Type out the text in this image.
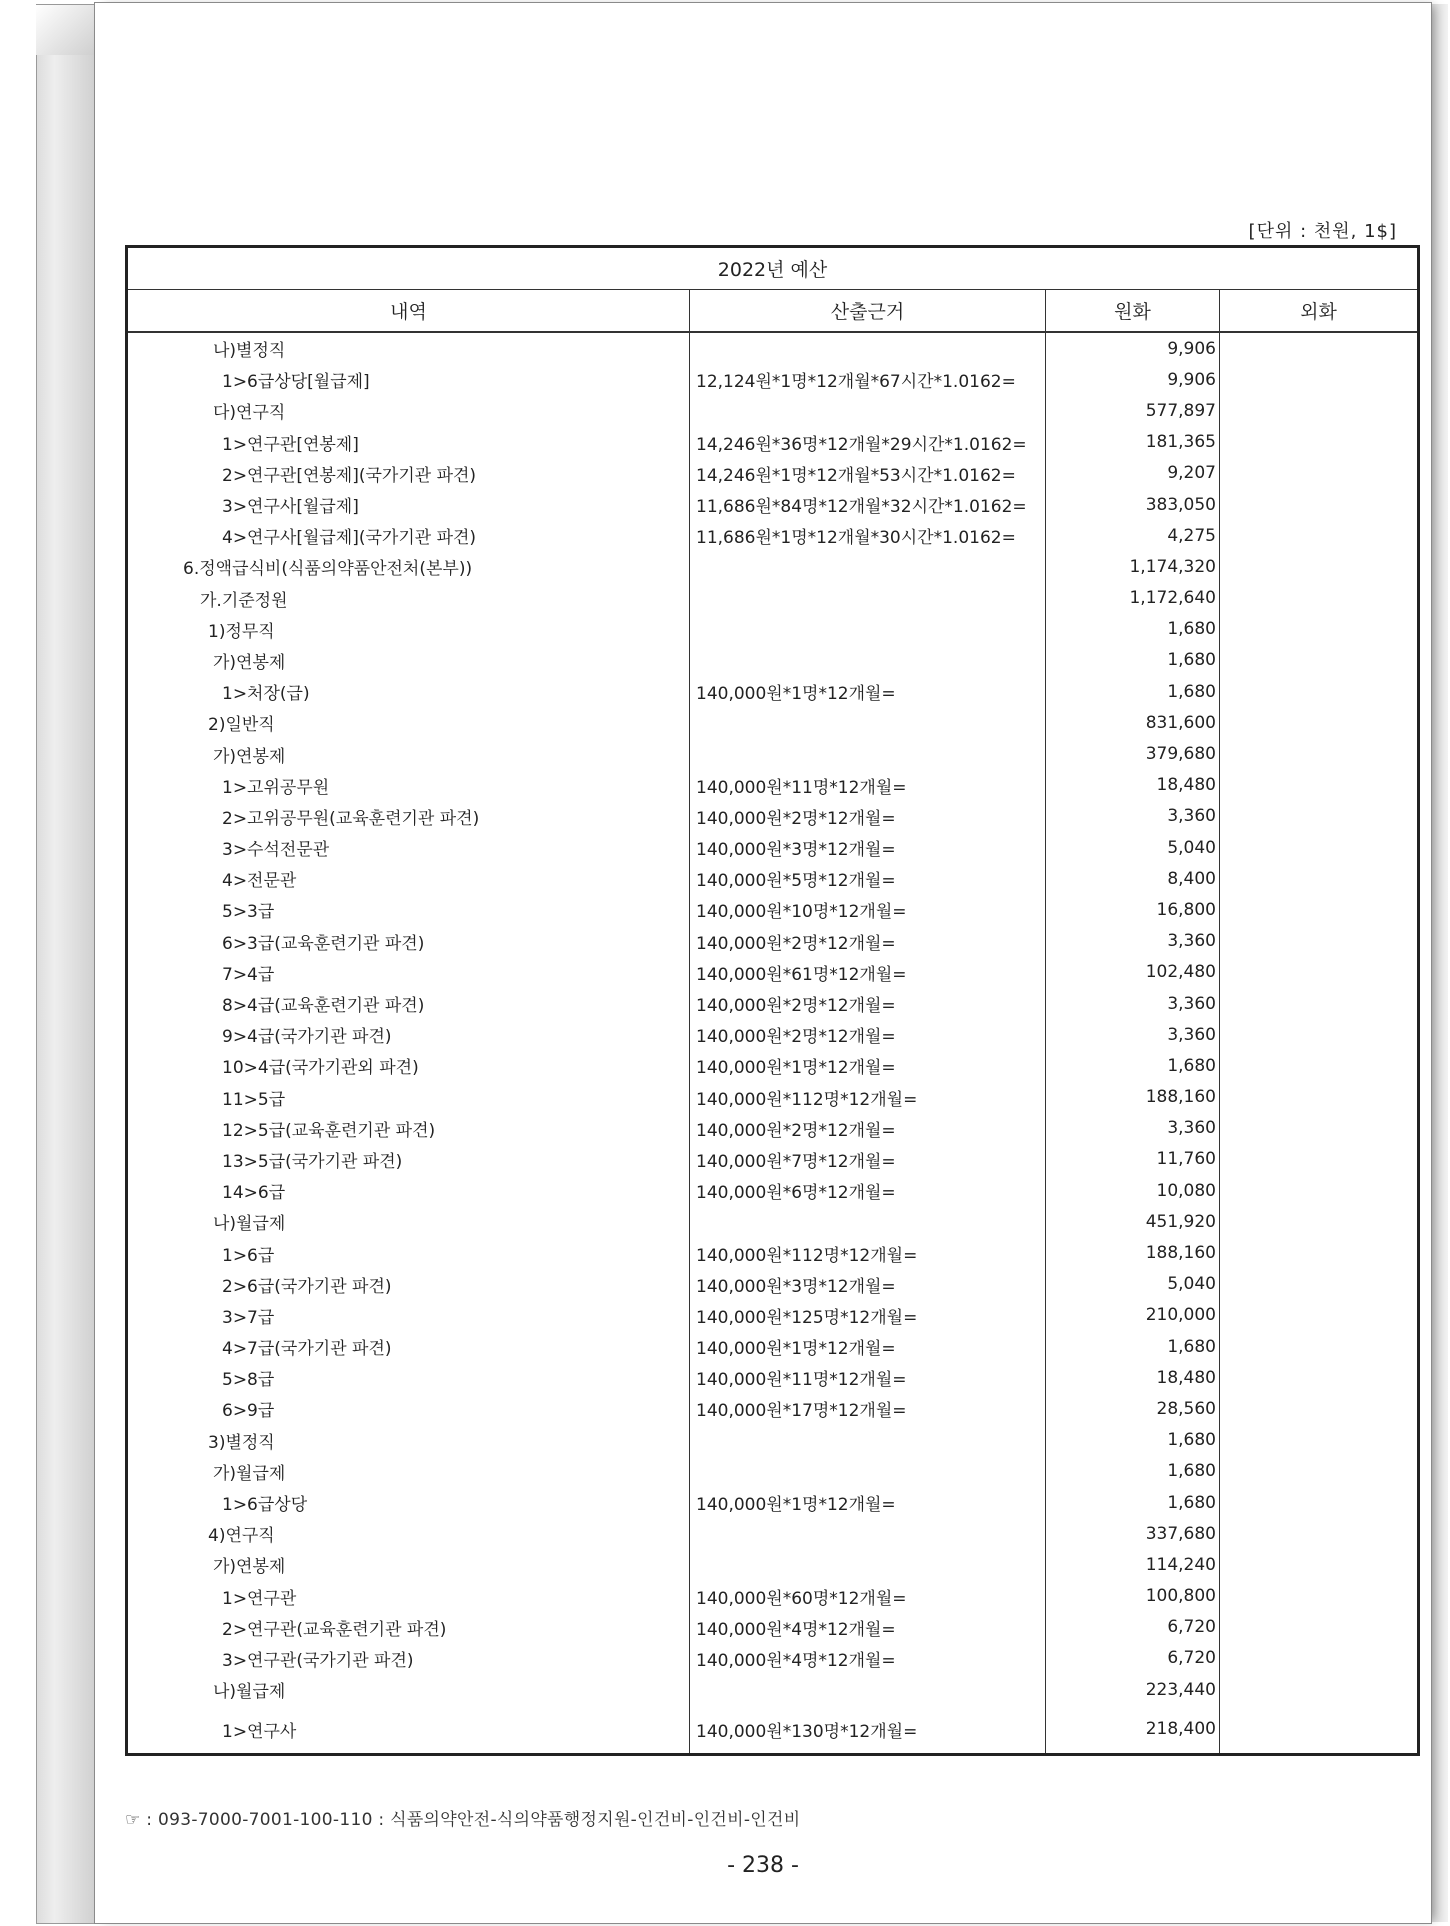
[단위 : 천원, 1$]
2022년 예산			
내역	산출근거	원화	외화
나)별정직		9,906	
1>6급상당[월급제]	12,124원*1명*12개월*67시간*1.0162=	9,906	
다)연구직		577,897	
1>연구관[연봉제]	14,246원*36명*12개월*29시간*1.0162=	181,365	
2>연구관[연봉제](국가기관 파견)	14,246원*1명*12개월*53시간*1.0162=	9,207	
3>연구사[월급제]	11,686원*84명*12개월*32시간*1.0162=	383,050	
4>연구사[월급제](국가기관 파견)	11,686원*1명*12개월*30시간*1.0162=	4,275	
6.정액급식비(식품의약품안전처(본부))		1,174,320	
가.기준정원		1,172,640	
1)정무직		1,680	
가)연봉제		1,680	
1>처장(급)	140,000원*1명*12개월=	1,680	
2)일반직		831,600	
가)연봉제		379,680	
1>고위공무원	140,000원*11명*12개월=	18,480	
2>고위공무원(교육훈련기관 파견)	140,000원*2명*12개월=	3,360	
3>수석전문관	140,000원*3명*12개월=	5,040	
4>전문관	140,000원*5명*12개월=	8,400	
5>3급	140,000원*10명*12개월=	16,800	
6>3급(교육훈련기관 파견)	140,000원*2명*12개월=	3,360	
7>4급	140,000원*61명*12개월=	102,480	
8>4급(교육훈련기관 파견)	140,000원*2명*12개월=	3,360	
9>4급(국가기관 파견)	140,000원*2명*12개월=	3,360	
10>4급(국가기관외 파견)	140,000원*1명*12개월=	1,680	
11>5급	140,000원*112명*12개월=	188,160	
12>5급(교육훈련기관 파견)	140,000원*2명*12개월=	3,360	
13>5급(국가기관 파견)	140,000원*7명*12개월=	11,760	
14>6급	140,000원*6명*12개월=	10,080	
나)월급제		451,920	
1>6급	140,000원*112명*12개월=	188,160	
2>6급(국가기관 파견)	140,000원*3명*12개월=	5,040	
3>7급	140,000원*125명*12개월=	210,000	
4>7급(국가기관 파견)	140,000원*1명*12개월=	1,680	
5>8급	140,000원*11명*12개월=	18,480	
6>9급	140,000원*17명*12개월=	28,560	
3)별정직		1,680	
가)월급제		1,680	
1>6급상당	140,000원*1명*12개월=	1,680	
4)연구직		337,680	
가)연봉제		114,240	
1>연구관	140,000원*60명*12개월=	100,800	
2>연구관(교육훈련기관 파견)	140,000원*4명*12개월=	6,720	
3>연구관(국가기관 파견)	140,000원*4명*12개월=	6,720	
나)월급제		223,440	
1>연구사	140,000원*130명*12개월=	218,400	
☞ : 093-7000-7001-100-110 : 식품의약안전-식의약품행정지원-인건비-인건비-인건비
- 238 -
